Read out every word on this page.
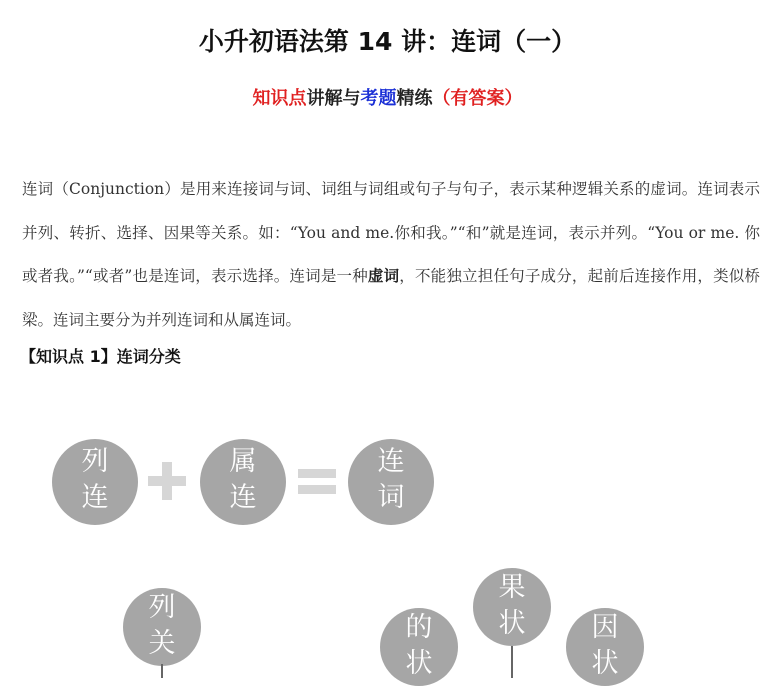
小升初语法第 14 讲：连词（一）
知识点讲解与考题精练（有答案）
连词（Conjunction）是用来连接词与词、词组与词组或句子与句子，表示某种逻辑关系的虚词。连词表示并列、转折、选择、因果等关系。如：“You and me.你和我。”“和”就是连词，表示并列。“You or me. 你或者我。”“或者”也是连词，表示选择。连词是一种虚词，不能独立担任句子成分，起前后连接作用，类似桥梁。连词主要分为并列连词和从属连词。
【知识点 1】连词分类
列
连
属
连
连
词
列
关
的
状
果
状	因
状
